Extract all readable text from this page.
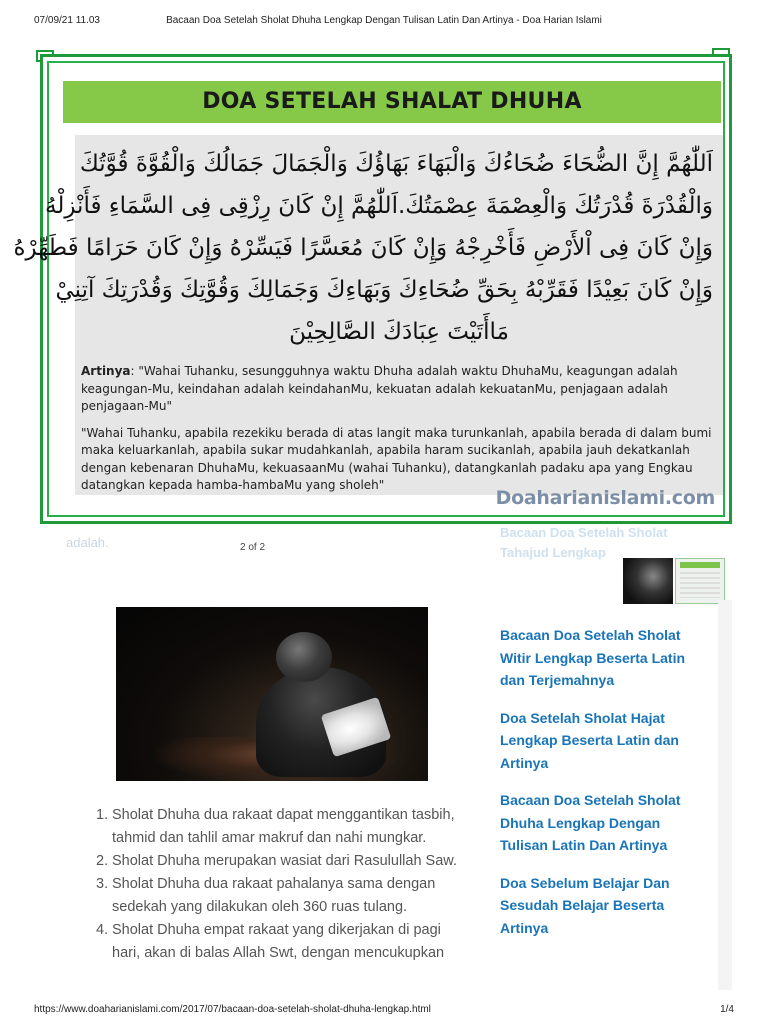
07/09/21 11.03	Bacaan Doa Setelah Sholat Dhuha Lengkap Dengan Tulisan Latin Dan Artinya - Doa Harian Islami
adalah.
Bacaan Doa Setelah Sholat Tahajud Lengkap
2 of 2
DOA SETELAH SHALAT DHUHA
اَللّٰهُمَّ إِنَّ الضُّحَاءَ ضُحَاءُكَ وَالْبَهَاءَ بَهَاؤُكَ وَالْجَمَالَ جَمَالُكَ وَالْقُوَّةَ قُوَّتُكَ
وَالْقُدْرَةَ قُدْرَتُكَ وَالْعِصْمَةَ عِصْمَتُكَ.اَللّٰهُمَّ إِنْ كَانَ رِزْقِى فِى السَّمَاءِ فَأَنْزِلْهُ
وَإِنْ كَانَ فِى اْلأَرْضِ فَأَخْرِجْهُ وَإِنْ كَانَ مُعَسَّرًا فَيَسِّرْهُ وَإِنْ كَانَ حَرَامًا فَطَهِّرْهُ
وَإِنْ كَانَ بَعِيْدًا فَقَرِّبْهُ بِحَقِّ ضُحَاءِكَ وَبَهَاءِكَ وَجَمَالِكَ وَقُوَّتِكَ وَقُدْرَتِكَ آتِنِيْ
مَاأَتَيْتَ عِبَادَكَ الصَّالِحِيْنَ

Artinya: "Wahai Tuhanku, sesungguhnya waktu Dhuha adalah waktu DhuhaMu, keagungan adalah keagungan-Mu, keindahan adalah keindahanMu, kekuatan adalah kekuatanMu, penjagaan adalah penjagaan-Mu"

"Wahai Tuhanku, apabila rezekiku berada di atas langit maka turunkanlah, apabila berada di dalam bumi maka keluarkanlah, apabila sukar mudahkanlah, apabila haram sucikanlah, apabila jauh dekatkanlah dengan kebenaran DhuhaMu, kekuasaanMu (wahai Tuhanku), datangkanlah padaku apa yang Engkau datangkan kepada hamba-hambaMu yang sholeh"

Doaharianislami.com
1. Sholat Dhuha dua rakaat dapat menggantikan tasbih, tahmid dan tahlil amar makruf dan nahi mungkar.
2. Sholat Dhuha merupakan wasiat dari Rasulullah Saw.
3. Sholat Dhuha dua rakaat pahalanya sama dengan sedekah yang dilakukan oleh 360 ruas tulang.
4. Sholat Dhuha empat rakaat yang dikerjakan di pagi hari, akan di balas Allah Swt, dengan mencukupkan
Bacaan Doa Setelah Sholat Witir Lengkap Beserta Latin dan Terjemahnya
Doa Setelah Sholat Hajat Lengkap Beserta Latin dan Artinya
Bacaan Doa Setelah Sholat Dhuha Lengkap Dengan Tulisan Latin Dan Artinya
Doa Sebelum Belajar Dan Sesudah Belajar Beserta Artinya
https://www.doaharianislami.com/2017/07/bacaan-doa-setelah-sholat-dhuha-lengkap.html	1/4
